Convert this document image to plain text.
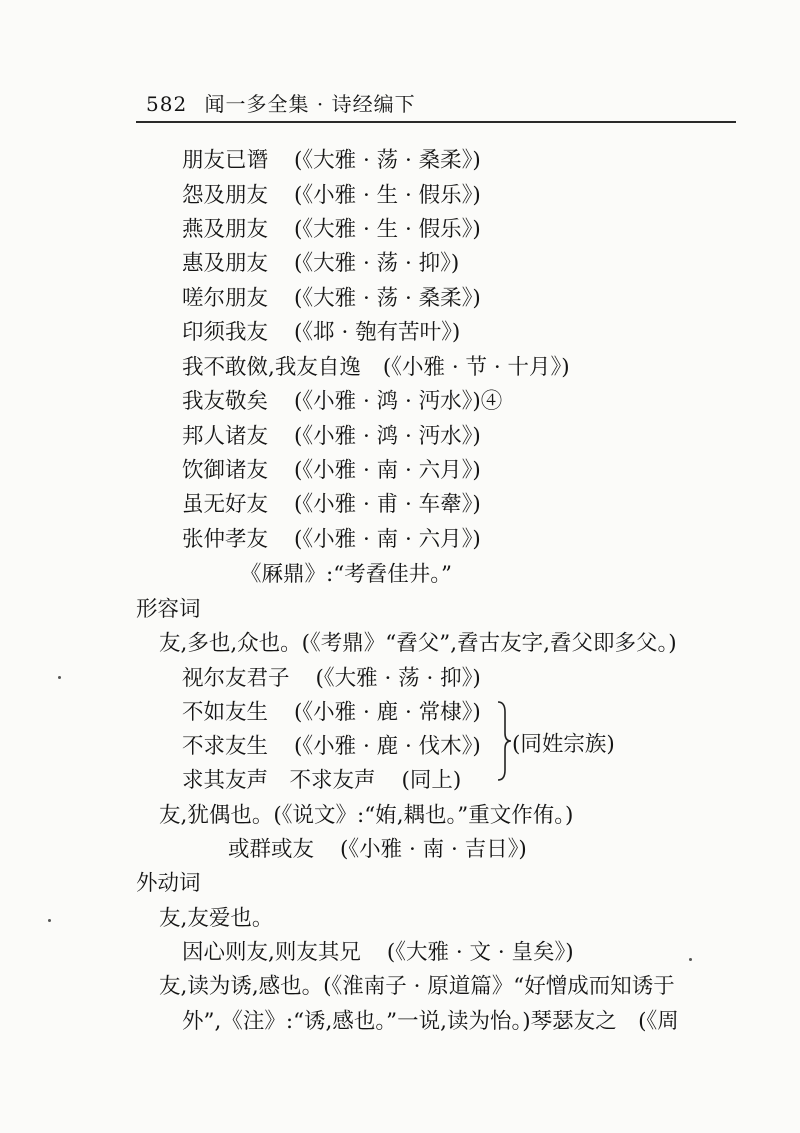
582 闻一多全集 · 诗经编下
朋友已谮 (《大雅 · 荡 · 桑柔》)
怨及朋友 (《小雅 · 生 · 假乐》)
燕及朋友 (《大雅 · 生 · 假乐》)
惠及朋友 (《大雅 · 荡 · 抑》)
嗟尔朋友 (《大雅 · 荡 · 桑柔》)
印须我友 (《邶 · 匏有苦叶》)
我不敢傚,我友自逸 (《小雅 · 节 · 十月》)
我友敬矣 (《小雅 · 鸿 · 沔水》)④
邦人诸友 (《小雅 · 鸿 · 沔水》)
饮御诸友 (《小雅 · 南 · 六月》)
虽无好友 (《小雅 · 甫 · 车舝》)
张仲孝友 (《小雅 · 南 · 六月》)
《厤鼎》:“考孴佳井。”
形容词
友,多也,众也。(《考鼎》“孴父”,孴古友字,孴父即多父。)
视尔友君子 (《大雅 · 荡 · 抑》)
不如友生 (《小雅 · 鹿 · 常棣》)
不求友生 (《小雅 · 鹿 · 伐木》)
求其友声　不求友声 (同上)
(同姓宗族)
友,犹偶也。(《说文》:“姷,耦也。”重文作侑。)
或群或友 (《小雅 · 南 · 吉日》)
外动词
友,友爱也。
因心则友,则友其兄 (《大雅 · 文 · 皇矣》)
友,读为诱,感也。(《淮南子 · 原道篇》“好憎成而知诱于
外”,《注》:“诱,感也。”一说,读为怡。)琴瑟友之　(《周
